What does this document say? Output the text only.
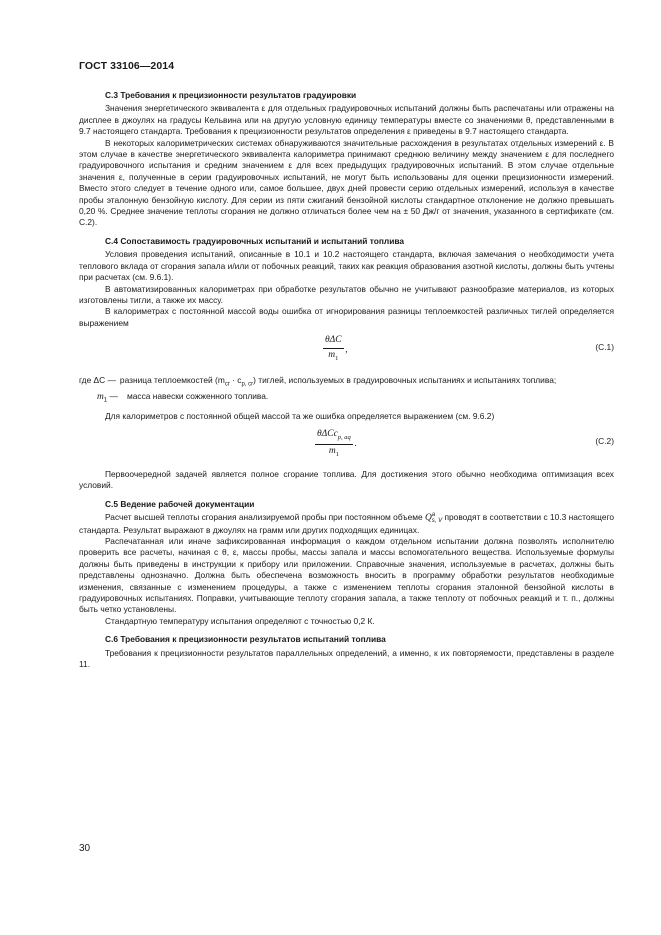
ГОСТ 33106—2014
С.3 Требования к прецизионности результатов градуировки

Значения энергетического эквивалента ε для отдельных градуировочных испытаний должны быть распечатаны или отражены на дисплее в джоулях на градусы Кельвина или на другую условную единицу температуры вместе со значениями θ, представленными в 9.7 настоящего стандарта. Требования к прецизионности результатов определения ε приведены в 9.7 настоящего стандарта.

В некоторых калориметрических системах обнаруживаются значительные расхождения в результатах отдельных измерений ε. В этом случае в качестве энергетического эквивалента калориметра принимают среднюю величину между значением ε для последнего градуировочного испытания и средним значением ε для всех предыдущих градуировочных испытаний. В этом случае отдельные значения ε, полученные в серии градуировочных испытаний, не могут быть использованы для оценки прецизионности измерений. Вместо этого следует в течение одного или, самое большее, двух дней провести серию отдельных измерений, используя в качестве пробы эталонную бензойную кислоту. Для серии из пяти сжиганий бензойной кислоты стандартное отклонение не должно превышать 0,20 %. Среднее значение теплоты сгорания не должно отличаться более чем на ± 50 Дж/г от значения, указанного в сертификате (см. С.2).

С.4 Сопоставимость градуировочных испытаний и испытаний топлива

Условия проведения испытаний, описанные в 10.1 и 10.2 настоящего стандарта, включая замечания о необходимости учета теплового вклада от сгорания запала и/или от побочных реакций, таких как реакция образования азотной кислоты, должны быть учтены при расчетах (см. 9.6.1).

В автоматизированных калориметрах при обработке результатов обычно не учитывают разнообразие материалов, из которых изготовлены тигли, а также их массу.

В калориметрах с постоянной массой воды ошибка от игнорирования разницы теплоемкостей различных тиглей определяется выражением

θΔC
$m_1$
,	(С.1)
где ΔC — разница теплоемкостей $(m_{cr} \cdot c_{p, cr})$ тиглей, используемых в градуировочных испытаниях и испытаниях топлива;
$m_1$ —	масса навески сожженного топлива.

Для калориметров с постоянной общей массой та же ошибка определяется выражением (см. 9.6.2)

θΔCc$_{p, aq}$
$m_1$
.	(С.2)

Первоочередной задачей является полное сгорание топлива. Для достижения этого обычно необходима оптимизация всех условий.

С.5 Ведение рабочей документации

Расчет высшей теплоты сгорания анализируемой пробы при постоянном объеме Q a
s, V проводят в соответствии с 10.3 настоящего стандарта. Результат выражают в джоулях на грамм или других подходящих единицах.

Распечатанная или иначе зафиксированная информация о каждом отдельном испытании должна позволять исполнителю проверить все расчеты, начиная с θ, ε, массы пробы, массы запала и массы вспомогательного вещества. Используемые формулы должны быть приведены в инструкции к прибору или приложении. Справочные значения, используемые в расчетах, должны быть представлены однозначно. Должна быть обеспечена возможность вносить в программу обработки результатов необходимые изменения, связанные с изменением процедуры, а также с изменением теплоты сгорания эталонной бензойной кислоты в градуировочных испытаниях. Поправки, учитывающие теплоту сгорания запала, а также теплоту от побочных реакций и т. п., должны быть четко установлены.

Стандартную температуру испытания определяют с точностью 0,2 К.

С.6 Требования к прецизионности результатов испытаний топлива

Требования к прецизионности результатов параллельных определений, а именно, к их повторяемости, представлены в разделе 11.

30
